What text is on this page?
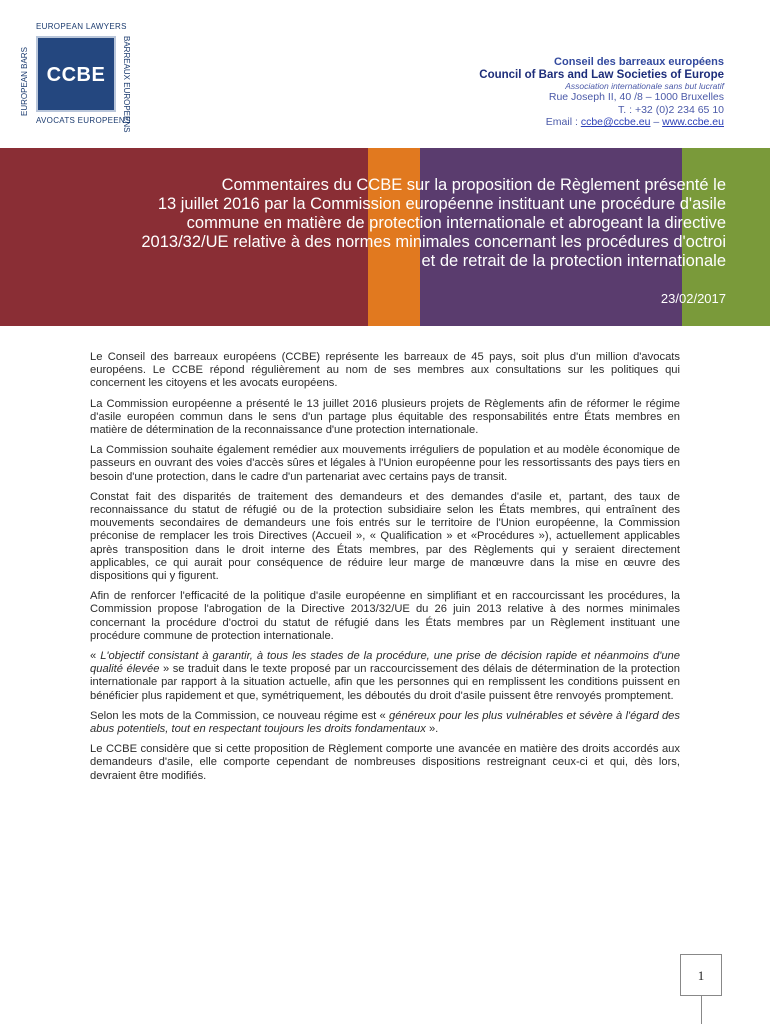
EUROPEAN LAWYERS
EUROPEAN BARS CCBE	BARREAUX EUROPEENS
AVOCATS EUROPEENS
Conseil des barreaux européens
Council of Bars and Law Societies of Europe
Association internationale sans but lucratif
Rue Joseph II, 40 /8 – 1000 Bruxelles
T. : +32 (0)2 234 65 10
Email : ccbe@ccbe.eu – www.ccbe.eu
Commentaires du CCBE sur la proposition de Règlement présenté le
13 juillet 2016 par la Commission européenne instituant une procédure d'asile
commune en matière de protection internationale et abrogeant la directive
2013/32/UE relative à des normes minimales concernant les procédures d'octroi
et de retrait de la protection internationale
23/02/2017

Le Conseil des barreaux européens (CCBE) représente les barreaux de 45 pays, soit plus d'un million d'avocats européens. Le CCBE répond régulièrement au nom de ses membres aux consultations sur les politiques qui concernent les citoyens et les avocats européens.

La Commission européenne a présenté le 13 juillet 2016 plusieurs projets de Règlements afin de réformer le régime d'asile européen commun dans le sens d'un partage plus équitable des responsabilités entre États membres en matière de détermination de la reconnaissance d'une protection internationale.

La Commission souhaite également remédier aux mouvements irréguliers de population et au modèle économique de passeurs en ouvrant des voies d'accès sûres et légales à l'Union européenne pour les ressortissants des pays tiers en besoin d'une protection, dans le cadre d'un partenariat avec certains pays de transit.

Constat fait des disparités de traitement des demandeurs et des demandes d'asile et, partant, des taux de reconnaissance du statut de réfugié ou de la protection subsidiaire selon les États membres, qui entraînent des mouvements secondaires de demandeurs une fois entrés sur le territoire de l'Union européenne, la Commission préconise de remplacer les trois Directives (Accueil », « Qualification » et «Procédures »), actuellement applicables après transposition dans le droit interne des États membres, par des Règlements qui y seraient directement applicables, ce qui aurait pour conséquence de réduire leur marge de manœuvre dans la mise en œuvre des dispositions qui y figurent.

Afin de renforcer l'efficacité de la politique d'asile européenne en simplifiant et en raccourcissant les procédures, la Commission propose l'abrogation de la Directive 2013/32/UE du 26 juin 2013 relative à des normes minimales concernant la procédure d'octroi du statut de réfugié dans les États membres par un Règlement instituant une procédure commune de protection internationale.

« L'objectif consistant à garantir, à tous les stades de la procédure, une prise de décision rapide et néanmoins d'une qualité élevée » se traduit dans le texte proposé par un raccourcissement des délais de détermination de la protection internationale par rapport à la situation actuelle, afin que les personnes qui en remplissent les conditions puissent en bénéficier plus rapidement et que, symétriquement, les déboutés du droit d'asile puissent être renvoyés promptement.

Selon les mots de la Commission, ce nouveau régime est « généreux pour les plus vulnérables et sévère à l'égard des abus potentiels, tout en respectant toujours les droits fondamentaux ».

Le CCBE considère que si cette proposition de Règlement comporte une avancée en matière des droits accordés aux demandeurs d'asile, elle comporte cependant de nombreuses dispositions restreignant ceux-ci et qui, dès lors, devraient être modifiés.

1
